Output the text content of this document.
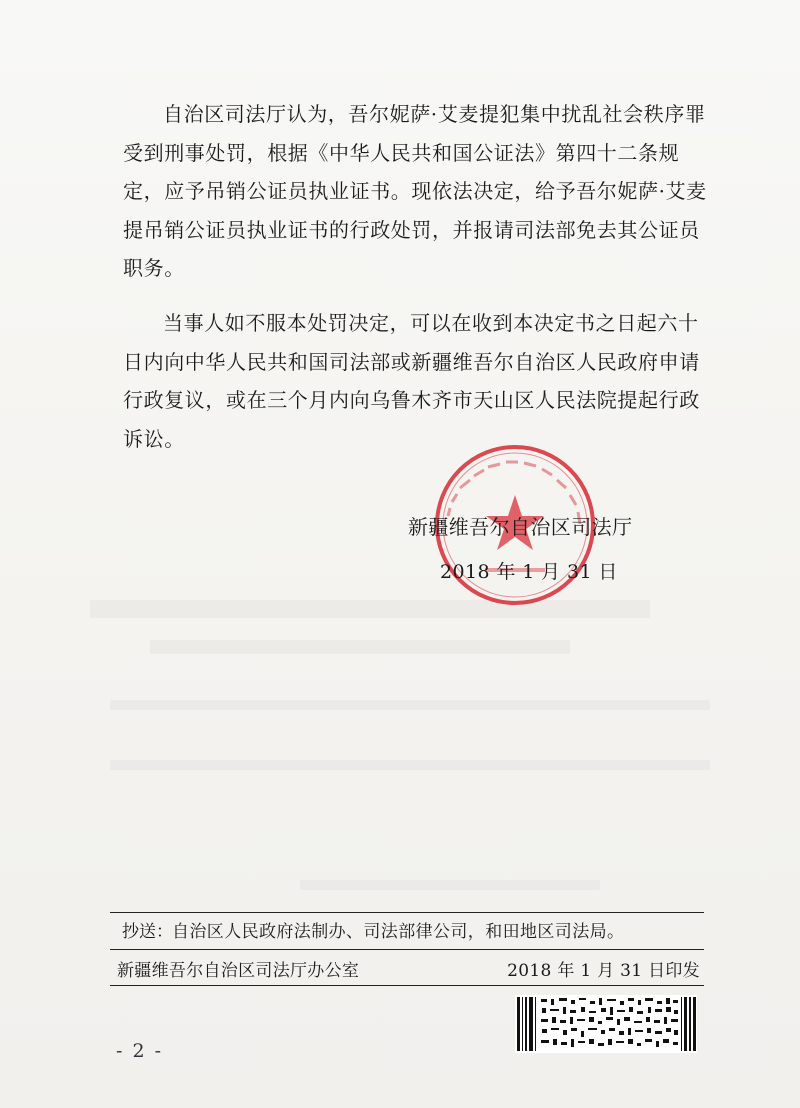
自治区司法厅认为，吾尔妮萨·艾麦提犯集中扰乱社会秩序罪受到刑事处罚，根据《中华人民共和国公证法》第四十二条规定，应予吊销公证员执业证书。现依法决定，给予吾尔妮萨·艾麦提吊销公证员执业证书的行政处罚，并报请司法部免去其公证员职务。

当事人如不服本处罚决定，可以在收到本决定书之日起六十日内向中华人民共和国司法部或新疆维吾尔自治区人民政府申请行政复议，或在三个月内向乌鲁木齐市天山区人民法院提起行政诉讼。

新疆维吾尔自治区司法厅
2018 年 1 月 31 日
抄送： 自治区人民政府法制办、司法部律公司，和田地区司法局。
新疆维吾尔自治区司法厅办公室	2018 年 1 月 31 日印发
- 2 -
